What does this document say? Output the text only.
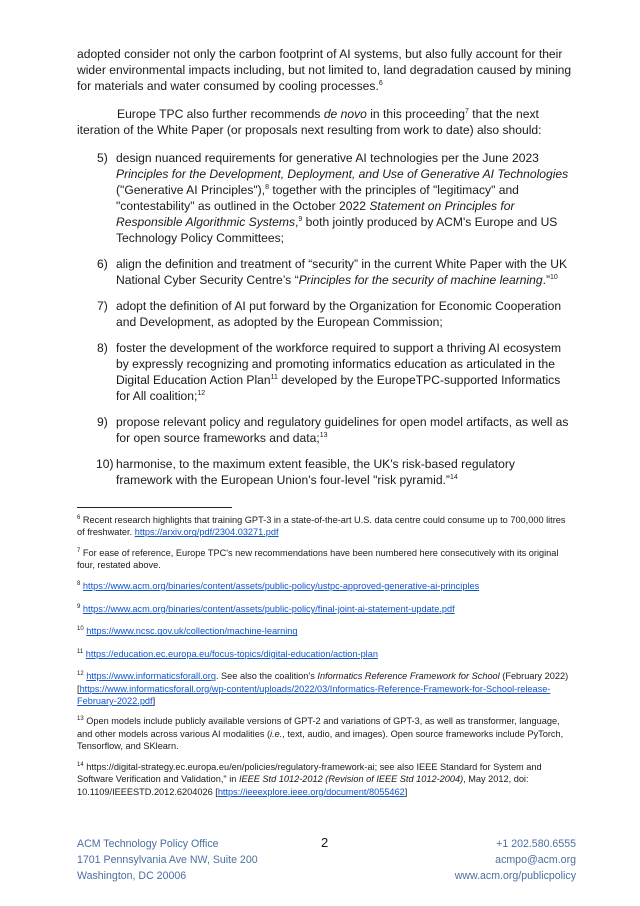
adopted consider not only the carbon footprint of AI systems, but also fully account for their wider environmental impacts including, but not limited to, land degradation caused by mining for materials and water consumed by cooling processes.$^6$

Europe TPC also further recommends de novo in this proceeding$^7$ that the next iteration of the White Paper (or proposals next resulting from work to date) also should:

5) design nuanced requirements for generative AI technologies per the June 2023 Principles for the Development, Deployment, and Use of Generative AI Technologies ("Generative AI Principles"),$^8$ together with the principles of "legitimacy" and "contestability" as outlined in the October 2022 Statement on Principles for Responsible Algorithmic Systems,$^9$ both jointly produced by ACM's Europe and US Technology Policy Committees;
6) align the definition and treatment of “security” in the current White Paper with the UK National Cyber Security Centre’s “Principles for the security of machine learning.”$^{10}$
7) adopt the definition of AI put forward by the Organization for Economic Cooperation and Development, as adopted by the European Commission;
8) foster the development of the workforce required to support a thriving AI ecosystem by expressly recognizing and promoting informatics education as articulated in the Digital Education Action Plan$^{11}$ developed by the EuropeTPC-supported Informatics for All coalition;$^{12}$
9) propose relevant policy and regulatory guidelines for open model artifacts, as well as for open source frameworks and data;$^{13}$
10) harmonise, to the maximum extent feasible, the UK's risk-based regulatory framework with the European Union's four-level "risk pyramid.”$^{14}$

$^6$ Recent research highlights that training GPT-3 in a state-of-the-art U.S. data centre could consume up to 700,000 litres of freshwater. https://arxiv.org/pdf/2304.03271.pdf

$^7$ For ease of reference, Europe TPC's new recommendations have been numbered here consecutively with its original four, restated above.

$^8$ https://www.acm.org/binaries/content/assets/public-policy/ustpc-approved-generative-ai-principles

$^9$ https://www.acm.org/binaries/content/assets/public-policy/final-joint-ai-statement-update.pdf

$^{10}$ https://www.ncsc.gov.uk/collection/machine-learning

$^{11}$ https://education.ec.europa.eu/focus-topics/digital-education/action-plan

$^{12}$ https://www.informaticsforall.org. See also the coalition’s Informatics Reference Framework for School (February 2022) [https://www.informaticsforall.org/wp-content/uploads/2022/03/Informatics-Reference-Framework-for-School-release-February-2022.pdf]

$^{13}$ Open models include publicly available versions of GPT-2 and variations of GPT-3, as well as transformer, language, and other models across various AI modalities (i.e., text, audio, and images). Open source frameworks include PyTorch, Tensorflow, and SKlearn.

$^{14}$ https://digital-strategy.ec.europa.eu/en/policies/regulatory-framework-ai; see also IEEE Standard for System and Software Verification and Validation," in IEEE Std 1012-2012 (Revision of IEEE Std 1012-2004), May 2012, doi: 10.1109/IEEESTD.2012.6204026 [https://ieeexplore.ieee.org/document/8055462]

ACM Technology Policy Office
1701 Pennsylvania Ave NW, Suite 200
Washington, DC 20006
2	+1 202.580.6555
acmpo@acm.org
www.acm.org/publicpolicy
